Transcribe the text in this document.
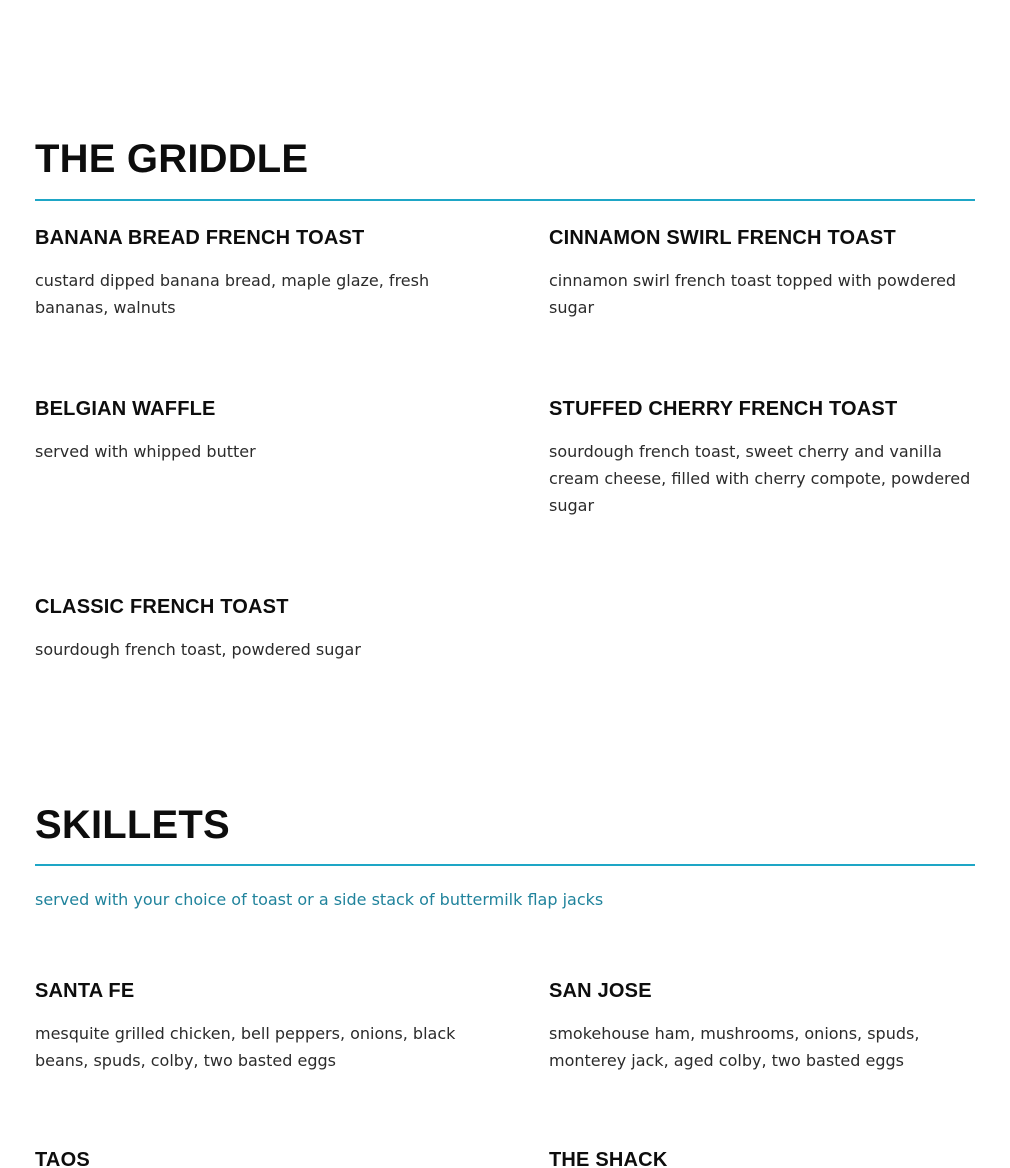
THE GRIDDLE
BANANA BREAD FRENCH TOAST

custard dipped banana bread, maple glaze, fresh bananas, walnuts

CINNAMON SWIRL FRENCH TOAST

cinnamon swirl french toast topped with powdered sugar

BELGIAN WAFFLE

served with whipped butter

STUFFED CHERRY FRENCH TOAST

sourdough french toast, sweet cherry and vanilla cream cheese, filled with cherry compote, powdered sugar

CLASSIC FRENCH TOAST

sourdough french toast, powdered sugar

SKILLETS

served with your choice of toast or a side stack of buttermilk flap jacks

SANTA FE

mesquite grilled chicken, bell peppers, onions, black beans, spuds, colby, two basted eggs

SAN JOSE

smokehouse ham, mushrooms, onions, spuds, monterey jack, aged colby, two basted eggs

TAOS	THE SHACK
